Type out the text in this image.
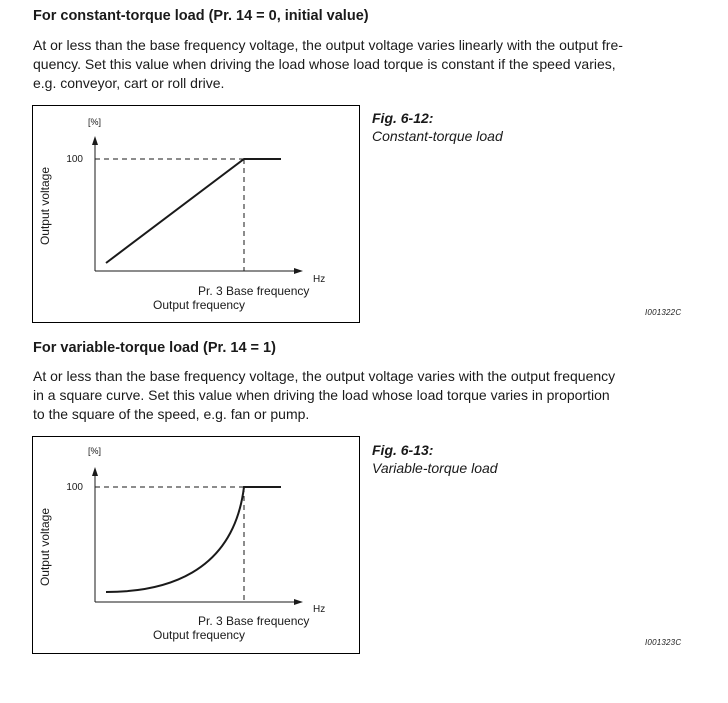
For constant-torque load (Pr. 14 = 0, initial value)

At or less than the base frequency voltage, the output voltage varies linearly with the output fre-
quency. Set this value when driving the load whose load torque is constant if the speed varies,
e.g. conveyor, cart or roll drive.
[%]
100
Output voltage
Hz
Pr. 3 Base frequency
Output frequency

Fig. 6-12:

Constant-torque load

I001322C

For variable-torque load (Pr. 14 = 1)

At or less than the base frequency voltage, the output voltage varies with the output frequency
in a square curve. Set this value when driving the load whose load torque varies in proportion
to the square of the speed, e.g. fan or pump.
[%]
100
Output voltage
Hz
Pr. 3 Base frequency
Output frequency

Fig. 6-13:

Variable-torque load

I001323C
